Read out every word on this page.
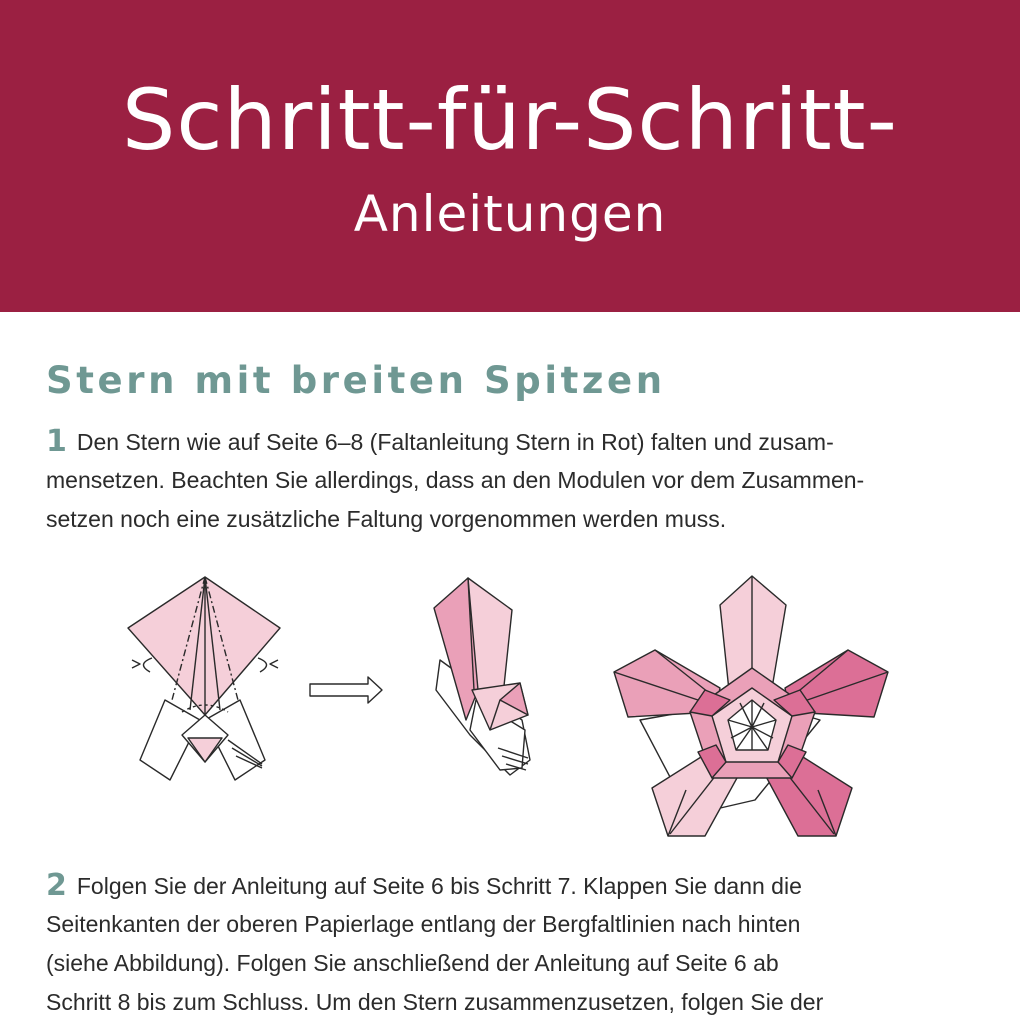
Schritt-für-Schritt-
Anleitungen
Stern mit breiten Spitzen
1 Den Stern wie auf Seite 6–8 (Faltanleitung Stern in Rot) falten und zusam-
mensetzen. Beachten Sie allerdings, dass an den Modulen vor dem Zusammen-
setzen noch eine zusätzliche Faltung vorgenommen werden muss.
2 Folgen Sie der Anleitung auf Seite 6 bis Schritt 7. Klappen Sie dann die
Seitenkanten der oberen Papierlage entlang der Bergfaltlinien nach hinten
(siehe Abbildung). Folgen Sie anschließend der Anleitung auf Seite 6 ab
Schritt 8 bis zum Schluss. Um den Stern zusammenzusetzen, folgen Sie der
